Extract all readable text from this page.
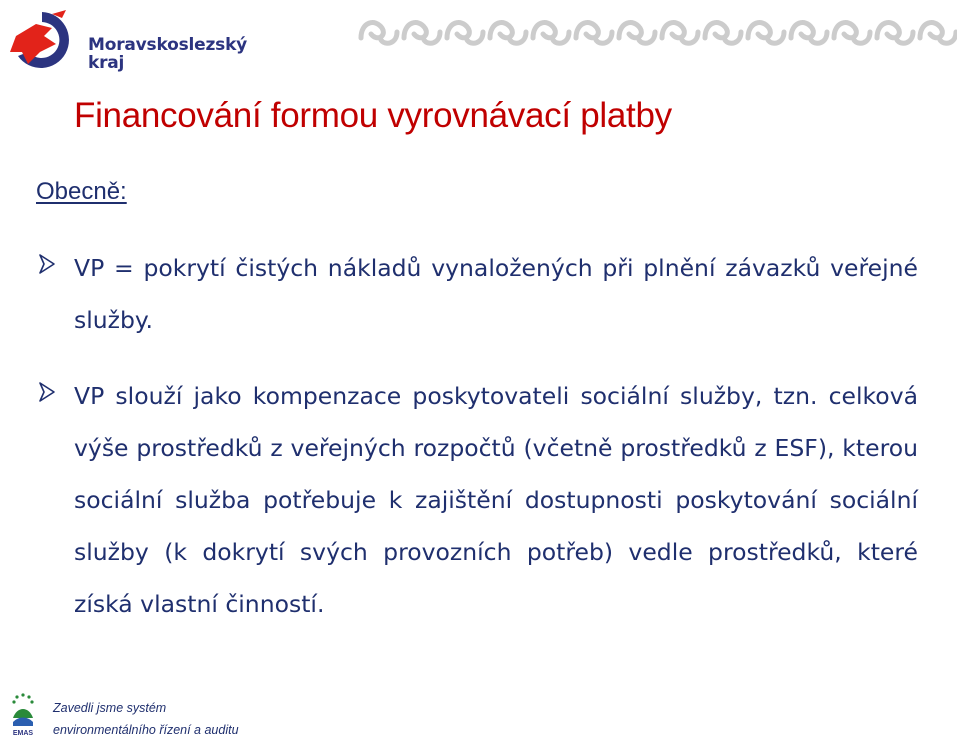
Moravskoslezský
kraj
Financování formou vyrovnávací platby
Obecně:
VP = pokrytí čistých nákladů vynaložených při plnění závazků veřejné služby.
VP slouží jako kompenzace poskytovateli sociální služby, tzn. celková výše prostředků z veřejných rozpočtů (včetně prostředků z ESF), kterou sociální služba potřebuje k zajištění dostupnosti poskytování sociální služby (k dokrytí svých provozních potřeb) vedle prostředků, které získá vlastní činností.
EMAS
Zavedli jsme systém
environmentálního řízení a auditu
